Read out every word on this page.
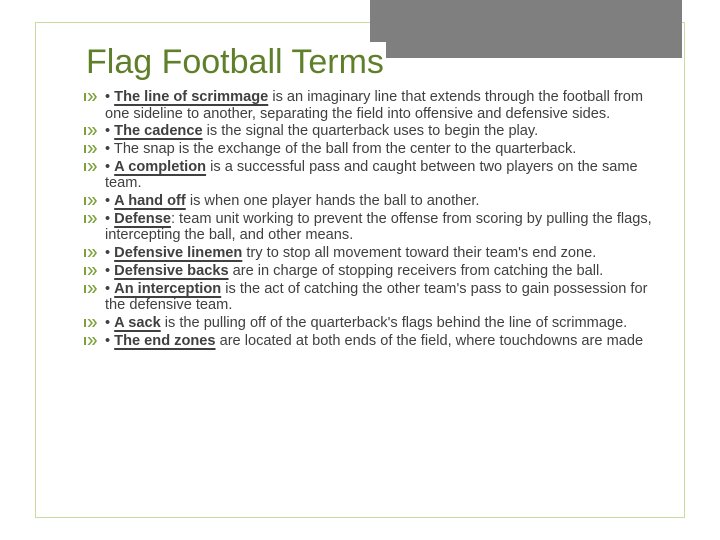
Flag Football Terms
• The line of scrimmage is an imaginary line that extends through the football from one sideline to another, separating the field into offensive and defensive sides.
• The cadence is the signal the quarterback uses to begin the play.
• The snap is the exchange of the ball from the center to the quarterback.
• A completion is a successful pass and caught between two players on the same team.
• A hand off is when one player hands the ball to another.
• Defense: team unit working to prevent the offense from scoring by pulling the flags, intercepting the ball, and other means.
• Defensive linemen try to stop all movement toward their team's end zone.
• Defensive backs are in charge of stopping receivers from catching the ball.
• An interception is the act of catching the other team's pass to gain possession for the defensive team.
• A sack is the pulling off of the quarterback's flags behind the line of scrimmage.
• The end zones are located at both ends of the field, where touchdowns are made
